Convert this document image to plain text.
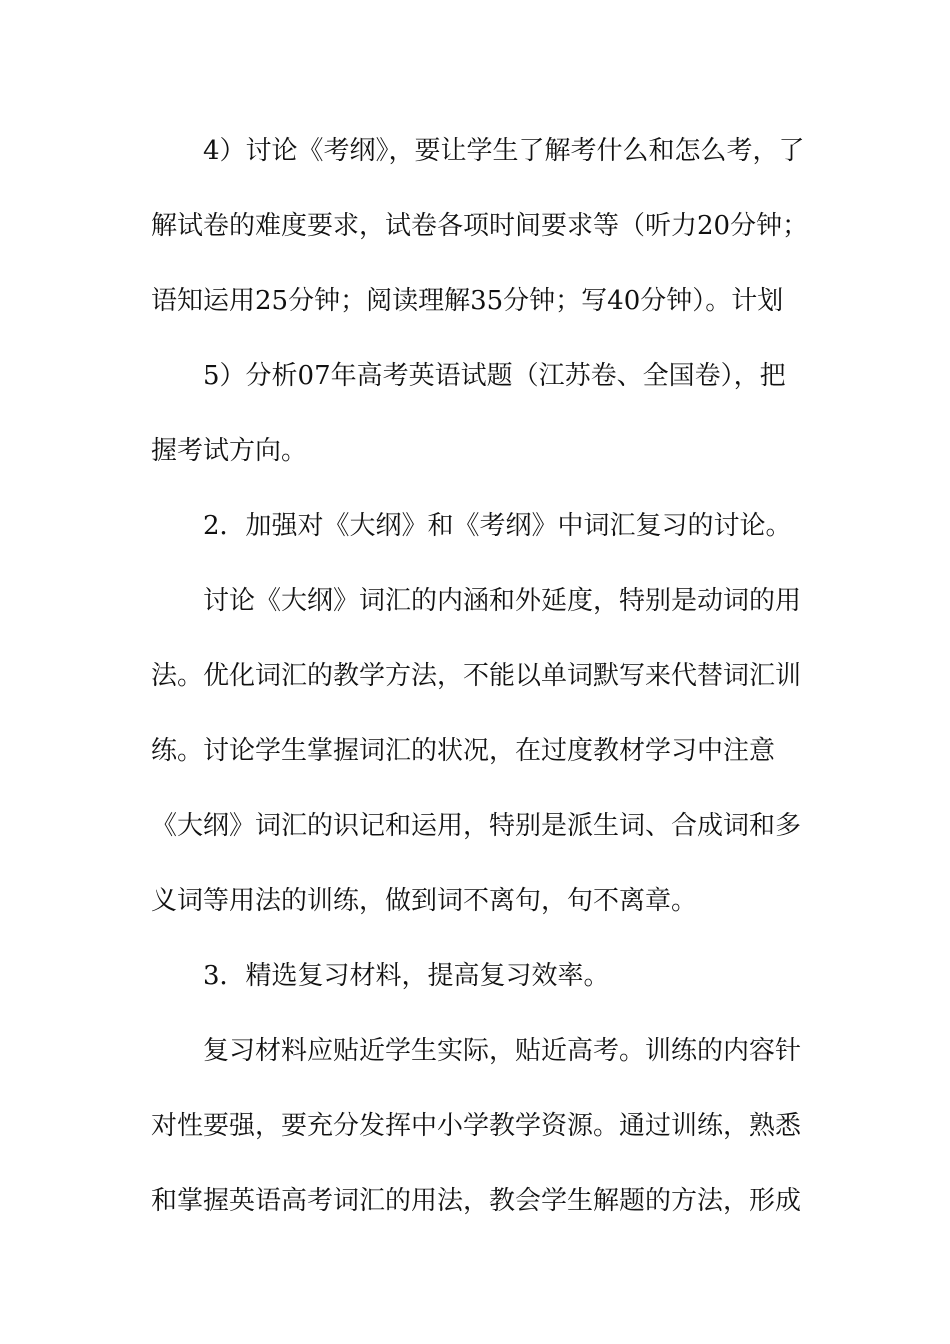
4）讨论《考纲》，要让学生了解考什么和怎么考，了
解试卷的难度要求，试卷各项时间要求等（听力20分钟；
语知运用25分钟；阅读理解35分钟；写40分钟）。计划
5）分析07年高考英语试题（江苏卷、全国卷），把
握考试方向。
2．加强对《大纲》和《考纲》中词汇复习的讨论。
讨论《大纲》词汇的内涵和外延度，特别是动词的用
法。优化词汇的教学方法，不能以单词默写来代替词汇训
练。讨论学生掌握词汇的状况，在过度教材学习中注意
《大纲》词汇的识记和运用，特别是派生词、合成词和多
义词等用法的训练，做到词不离句，句不离章。
3．精选复习材料，提高复习效率。
复习材料应贴近学生实际，贴近高考。训练的内容针
对性要强，要充分发挥中小学教学资源。通过训练，熟悉
和掌握英语高考词汇的用法，教会学生解题的方法，形成
